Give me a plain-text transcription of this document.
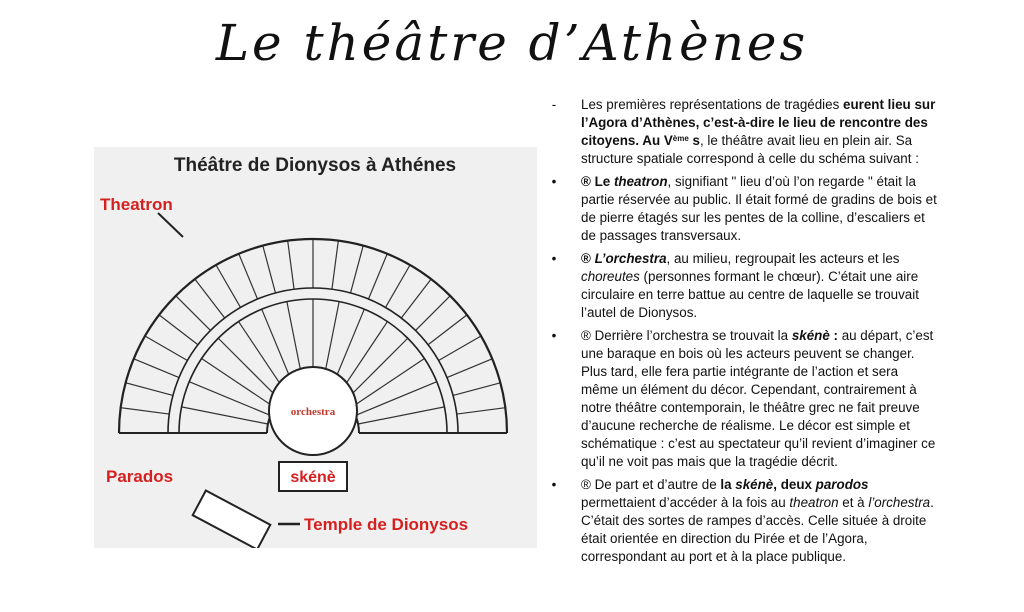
Le théâtre d’Athènes
orchestra
Théâtre de Dionysos à Athénes
Theatron
Parados	skénè
Temple de Dionysos
- Les premières représentations de tragédies eurent lieu sur l’Agora d’Athènes, c’est-à-dire le lieu de rencontre des citoyens. Au Vème s, le théâtre avait lieu en plein air. Sa structure spatiale correspond à celle du schéma suivant :
• ® Le theatron, signifiant " lieu d’où l’on regarde " était la partie réservée au public. Il était formé de gradins de bois et de pierre étagés sur les pentes de la colline, d’escaliers et de passages transversaux.
• ® L’orchestra, au milieu, regroupait les acteurs et les choreutes (personnes formant le chœur). C’était une aire circulaire en terre battue au centre de laquelle se trouvait l’autel de Dionysos.
• ® Derrière l’orchestra se trouvait la skénè : au départ, c’est une baraque en bois où les acteurs peuvent se changer. Plus tard, elle fera partie intégrante de l’action et sera même un élément du décor. Cependant, contrairement à notre théâtre contemporain, le théâtre grec ne fait preuve d’aucune recherche de réalisme. Le décor est simple et schématique : c’est au spectateur qu’il revient d’imaginer ce qu’il ne voit pas mais que la tragédie décrit.
• ® De part et d’autre de la skénè, deux parodos permettaient d’accéder à la fois au theatron et à l’orchestra. C’était des sortes de rampes d’accès. Celle située à droite était orientée en direction du Pirée et de l’Agora, correspondant au port et à la place publique.
